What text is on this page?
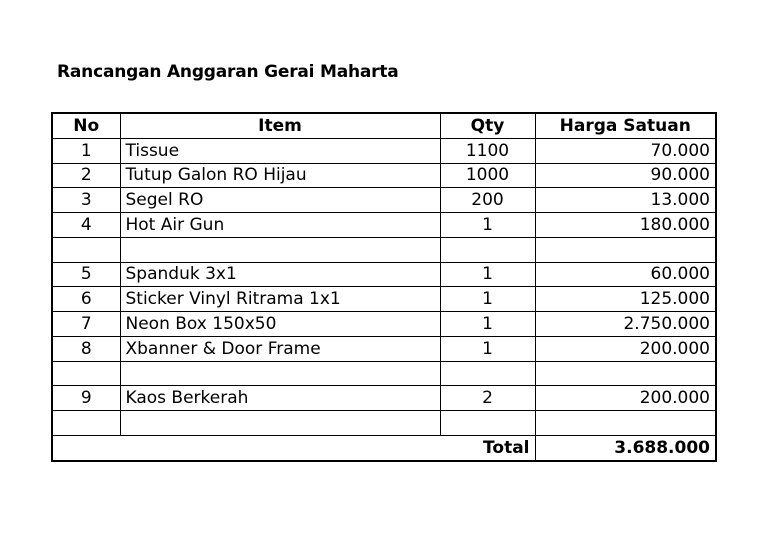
Rancangan Anggaran Gerai Maharta
No	Item	Qty	Harga Satuan
1	Tissue	1100	70.000
2	Tutup Galon RO Hijau	1000	90.000
3	Segel RO	200	13.000
4	Hot Air Gun	1	180.000

5	Spanduk 3x1	1	60.000
6	Sticker Vinyl Ritrama 1x1	1	125.000
7	Neon Box 150x50	1	2.750.000
8	Xbanner & Door Frame	1	200.000

9	Kaos Berkerah	2	200.000

Total			3.688.000
